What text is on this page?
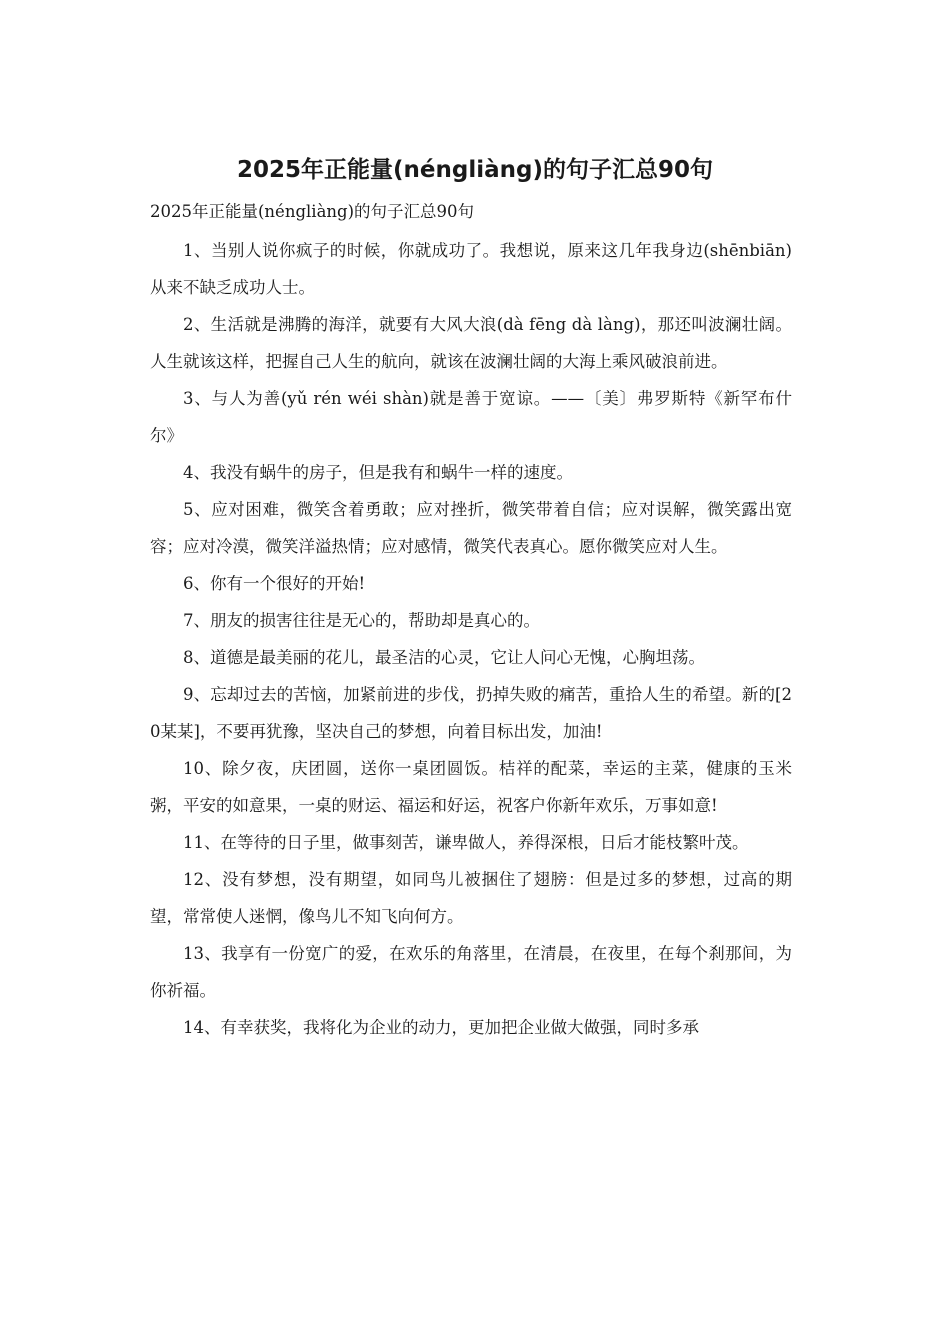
2025年正能量(néngliàng)的句子汇总90句

2025年正能量(néngliàng)的句子汇总90句

1、当别人说你疯子的时候，你就成功了。我想说，原来这几年我身边(shēnbiān)从来不缺乏成功人士。

2、生活就是沸腾的海洋，就要有大风大浪(dà fēng dà làng)，那还叫波澜壮阔。人生就该这样，把握自己人生的航向，就该在波澜壮阔的大海上乘风破浪前进。

3、与人为善(yǔ rén wéi shàn)就是善于宽谅。——〔美〕弗罗斯特《新罕布什尔》

4、我没有蜗牛的房子，但是我有和蜗牛一样的速度。

5、应对困难，微笑含着勇敢；应对挫折，微笑带着自信；应对误解，微笑露出宽容；应对冷漠，微笑洋溢热情；应对感情，微笑代表真心。愿你微笑应对人生。

6、你有一个很好的开始!

7、朋友的损害往往是无心的，帮助却是真心的。

8、道德是最美丽的花儿，最圣洁的心灵，它让人问心无愧，心胸坦荡。

9、忘却过去的苦恼，加紧前进的步伐，扔掉失败的痛苦，重拾人生的希望。新的[20某某]，不要再犹豫，坚决自己的梦想，向着目标出发，加油!

10、除夕夜，庆团圆，送你一桌团圆饭。桔祥的配菜，幸运的主菜，健康的玉米粥，平安的如意果，一桌的财运、福运和好运，祝客户你新年欢乐，万事如意!

11、在等待的日子里，做事刻苦，谦卑做人，养得深根，日后才能枝繁叶茂。

12、没有梦想，没有期望，如同鸟儿被捆住了翅膀：但是过多的梦想，过高的期望，常常使人迷惘，像鸟儿不知飞向何方。

13、我享有一份宽广的爱，在欢乐的角落里，在清晨，在夜里，在每个刹那间，为你祈福。

14、有幸获奖，我将化为企业的动力，更加把企业做大做强，同时多承
